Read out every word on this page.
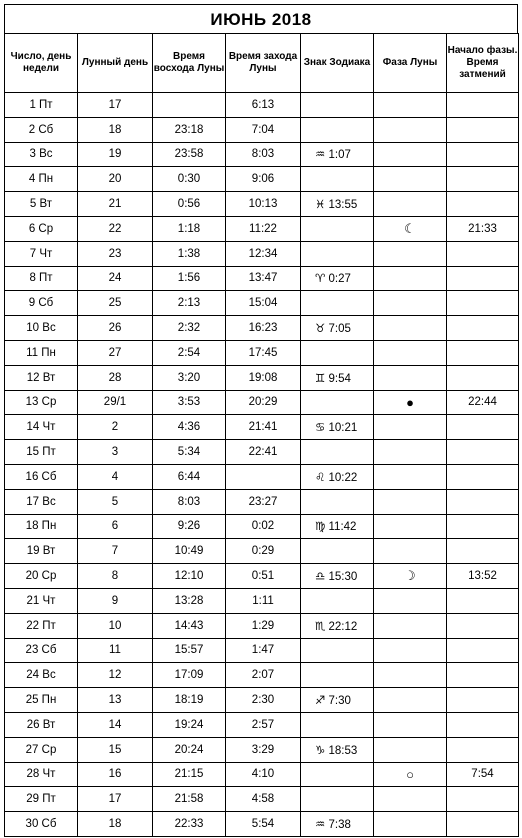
ИЮНЬ 2018
Число, день недели	Лунный день	Время восхода Луны	Время захода Луны	Знак Зодиака	Фаза Луны	Начало фазы. Время затмений
1 Пт	17		6:13			
2 Сб	18	23:18	7:04			
3 Вс	19	23:58	8:03	♒ 1:07		
4 Пн	20	0:30	9:06			
5 Вт	21	0:56	10:13	♓ 13:55		
6 Ср	22	1:18	11:22		☾	21:33
7 Чт	23	1:38	12:34			
8 Пт	24	1:56	13:47	♈ 0:27		
9 Сб	25	2:13	15:04			
10 Вс	26	2:32	16:23	♉ 7:05		
11 Пн	27	2:54	17:45			
12 Вт	28	3:20	19:08	♊ 9:54		
13 Ср	29/1	3:53	20:29		●	22:44
14 Чт	2	4:36	21:41	♋ 10:21		
15 Пт	3	5:34	22:41			
16 Сб	4	6:44		♌ 10:22		
17 Вс	5	8:03	23:27			
18 Пн	6	9:26	0:02	♍ 11:42		
19 Вт	7	10:49	0:29			
20 Ср	8	12:10	0:51	♎ 15:30	☽	13:52
21 Чт	9	13:28	1:11			
22 Пт	10	14:43	1:29	♏ 22:12		
23 Сб	11	15:57	1:47			
24 Вс	12	17:09	2:07			
25 Пн	13	18:19	2:30	♐ 7:30		
26 Вт	14	19:24	2:57			
27 Ср	15	20:24	3:29	♑ 18:53		
28 Чт	16	21:15	4:10		○	7:54
29 Пт	17	21:58	4:58			
30 Сб	18	22:33	5:54	♒ 7:38		
